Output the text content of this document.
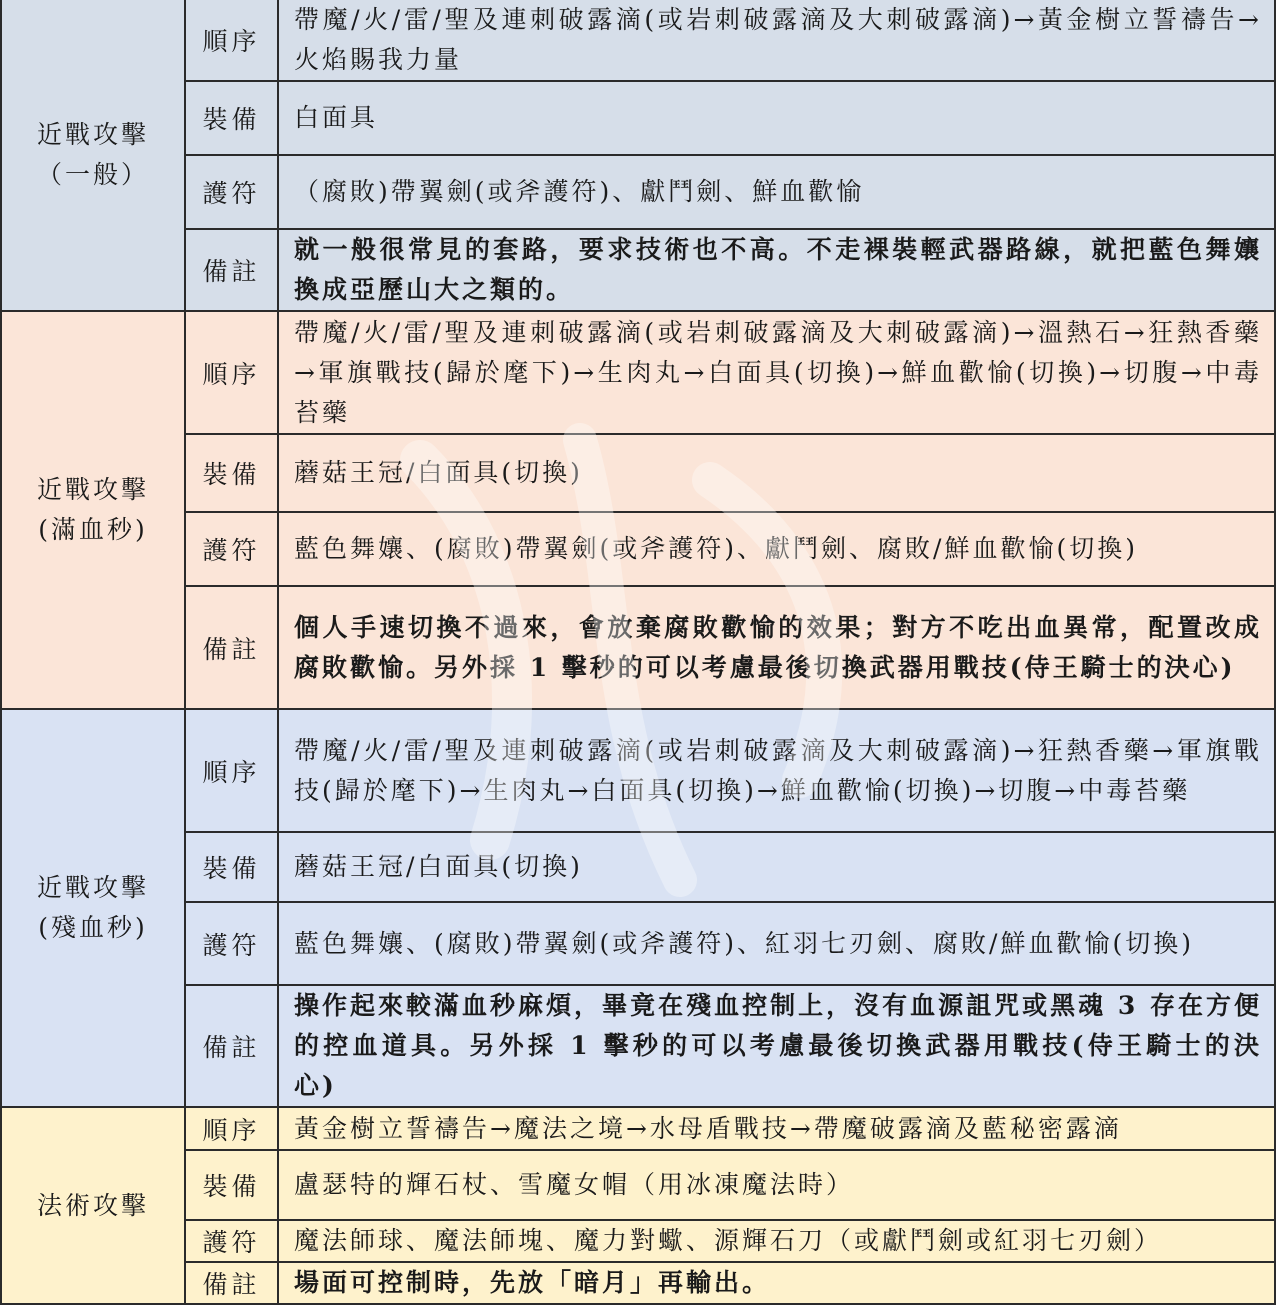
近戰攻擊
（一般）	順序	帶魔/火/雷/聖及連刺破露滴(或岩刺破露滴及大刺破露滴)→黃金樹立誓禱告→火焰賜我力量
	裝備	白面具
	護符	（腐敗)帶翼劍(或斧護符)、獻鬥劍、鮮血歡愉
	備註	就一般很常見的套路，要求技術也不高。不走裸裝輕武器路線，就把藍色舞孃換成亞歷山大之類的。

近戰攻擊
(滿血秒)	順序	帶魔/火/雷/聖及連刺破露滴(或岩刺破露滴及大刺破露滴)→溫熱石→狂熱香藥→軍旗戰技(歸於麾下)→生肉丸→白面具(切換)→鮮血歡愉(切換)→切腹→中毒苔藥
	裝備	蘑菇王冠/白面具(切換)
	護符	藍色舞孃、(腐敗)帶翼劍(或斧護符)、獻鬥劍、腐敗/鮮血歡愉(切換)
	備註	個人手速切換不過來，會放棄腐敗歡愉的效果；對方不吃出血異常，配置改成腐敗歡愉。另外採 1 擊秒的可以考慮最後切換武器用戰技(侍王騎士的決心)

近戰攻擊
(殘血秒)	順序	帶魔/火/雷/聖及連刺破露滴(或岩刺破露滴及大刺破露滴)→狂熱香藥→軍旗戰技(歸於麾下)→生肉丸→白面具(切換)→鮮血歡愉(切換)→切腹→中毒苔藥
	裝備	蘑菇王冠/白面具(切換)
	護符	藍色舞孃、(腐敗)帶翼劍(或斧護符)、紅羽七刃劍、腐敗/鮮血歡愉(切換)
	備註	操作起來較滿血秒麻煩，畢竟在殘血控制上，沒有血源詛咒或黑魂 3 存在方便的控血道具。另外採 1 擊秒的可以考慮最後切換武器用戰技(侍王騎士的決心)

法術攻擊	順序	黃金樹立誓禱告→魔法之境→水母盾戰技→帶魔破露滴及藍秘密露滴
	裝備	盧瑟特的輝石杖、雪魔女帽（用冰凍魔法時）
	護符	魔法師球、魔法師塊、魔力對蠍、源輝石刀（或獻鬥劍或紅羽七刃劍）
	備註	場面可控制時，先放「暗月」再輸出。
